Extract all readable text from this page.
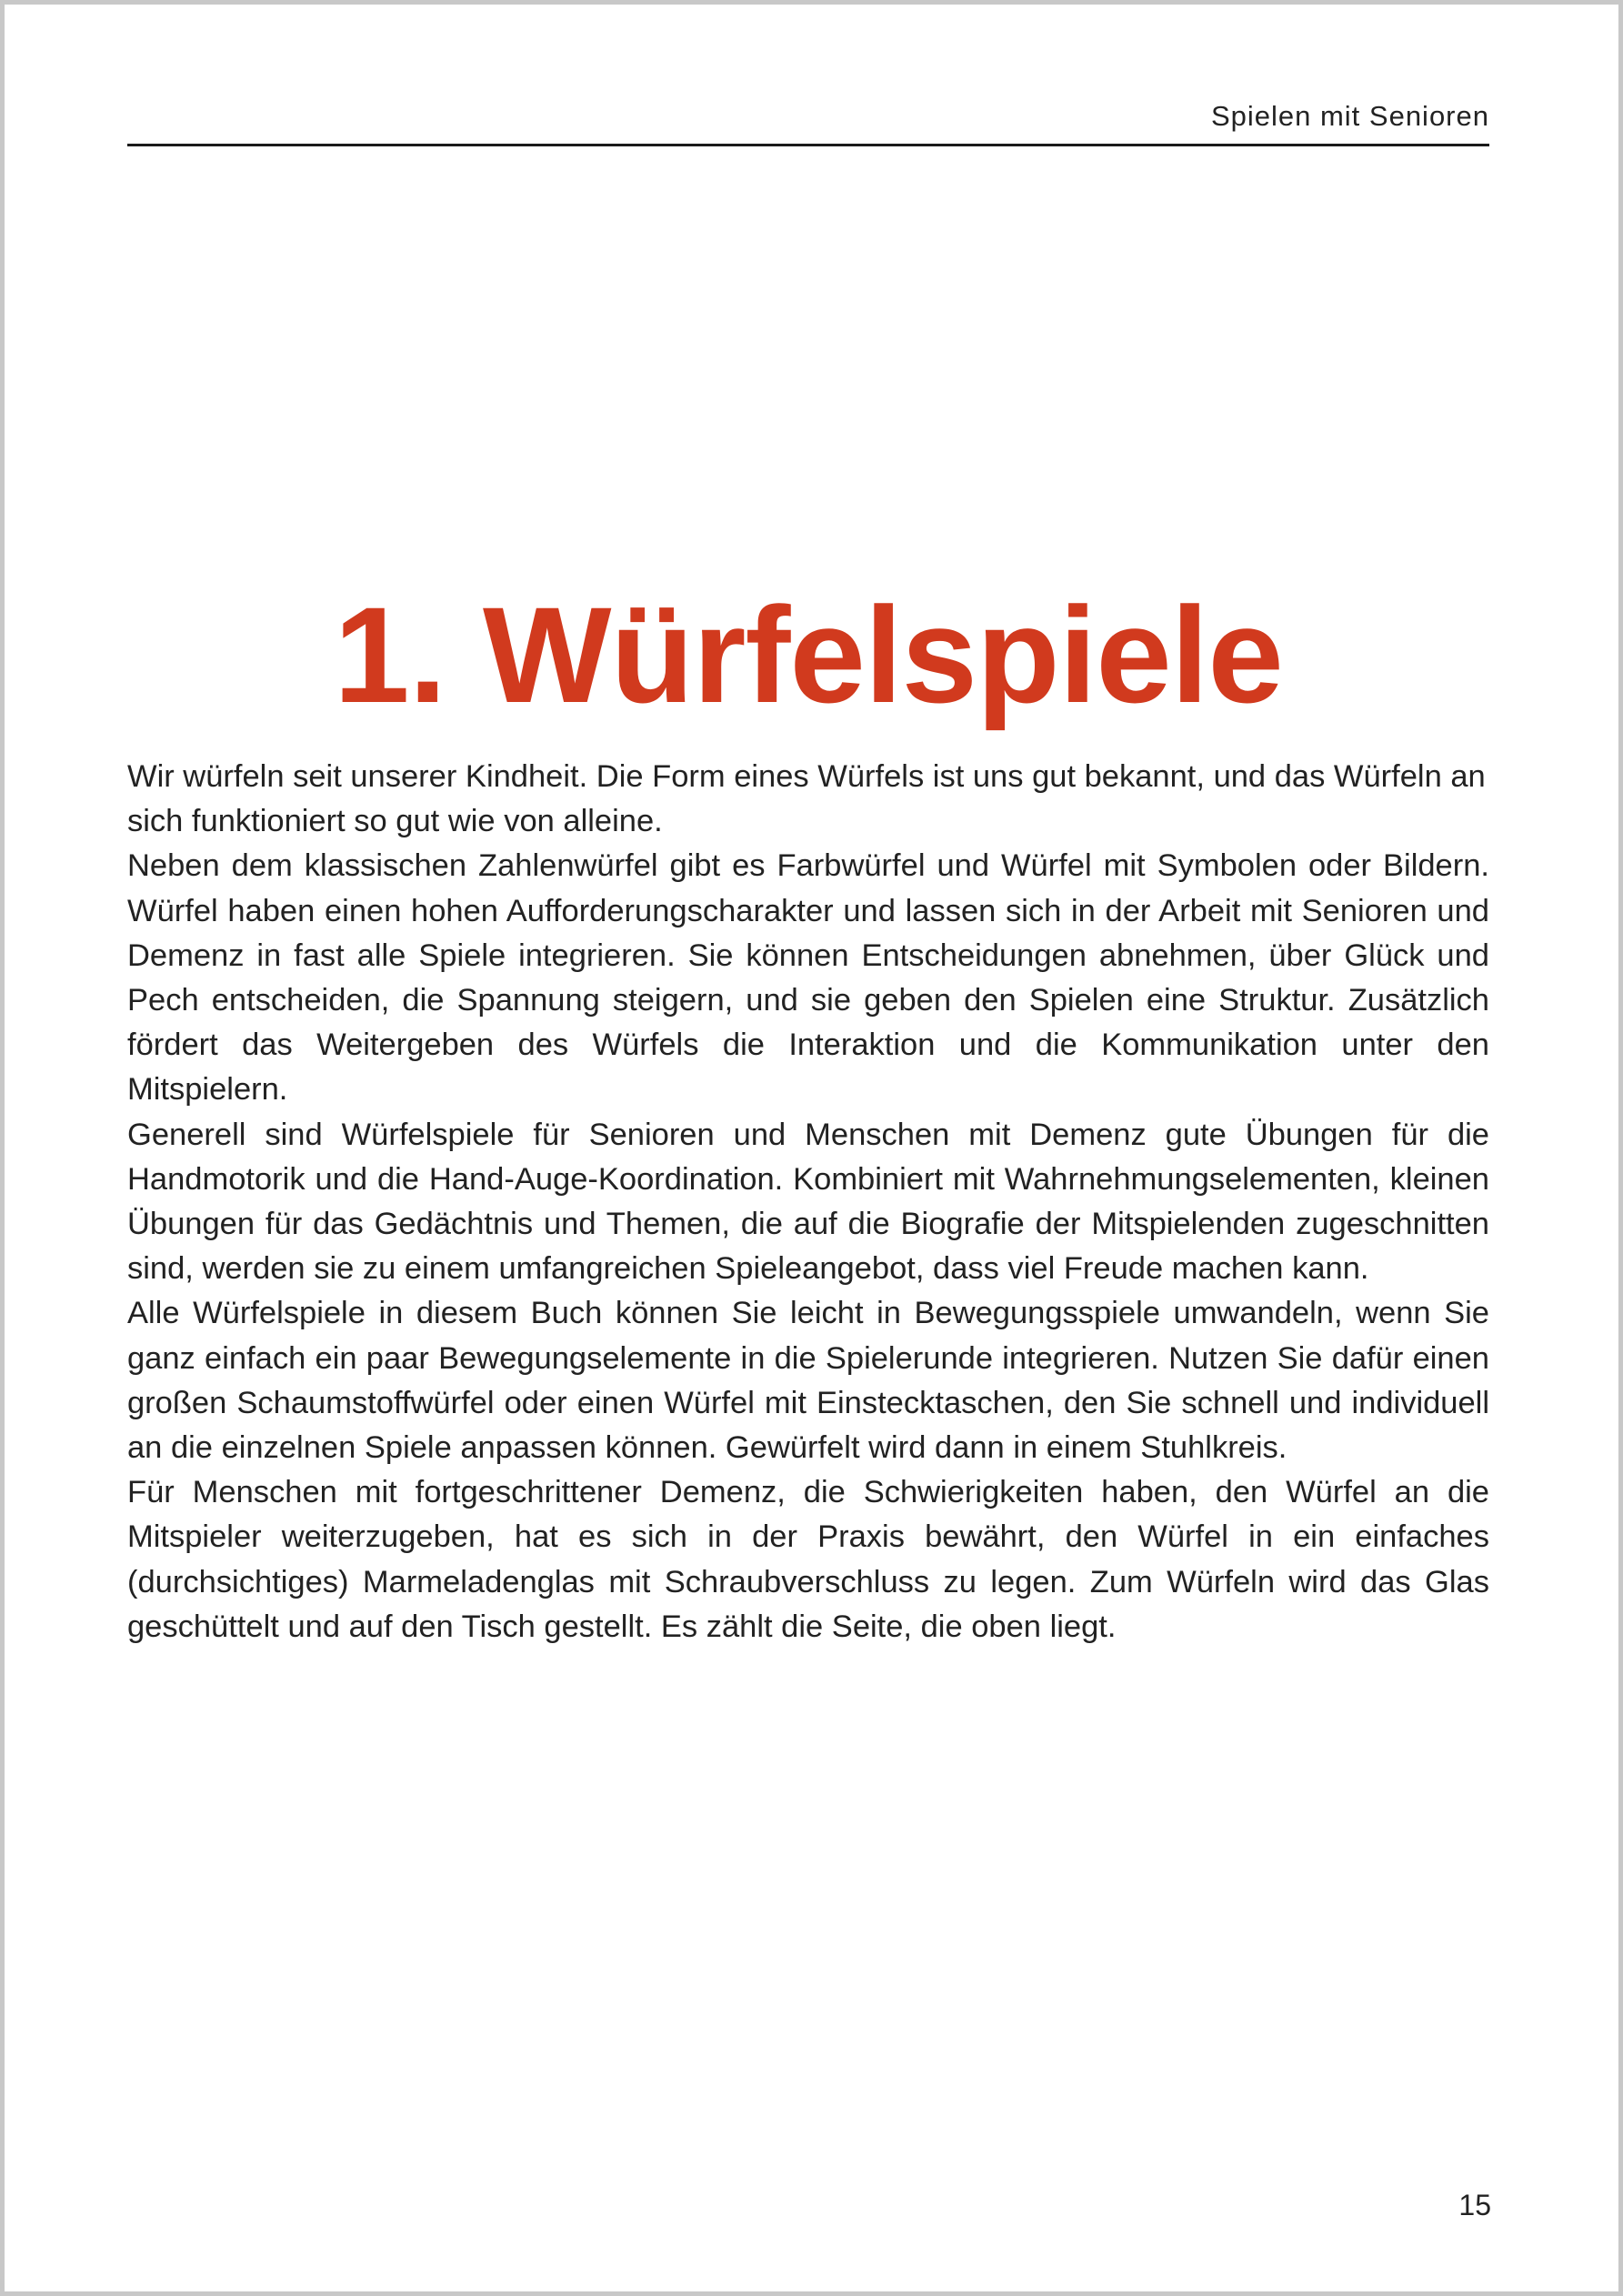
Spielen mit Senioren
1. Würfelspiele

Wir würfeln seit unserer Kindheit. Die Form eines Würfels ist uns gut bekannt, und das Würfeln an sich funktioniert so gut wie von alleine.

Neben dem klassischen Zahlenwürfel gibt es Farbwürfel und Würfel mit Symbolen oder Bildern. Würfel haben einen hohen Aufforderungscharakter und lassen sich in der Arbeit mit Senioren und Demenz in fast alle Spiele integrieren. Sie können Entscheidungen abnehmen, über Glück und Pech entscheiden, die Spannung steigern, und sie geben den Spielen eine Struktur. Zusätzlich fördert das Weitergeben des Würfels die Interaktion und die Kommunikation unter den Mitspielern.

Generell sind Würfelspiele für Senioren und Menschen mit Demenz gute Übungen für die Handmotorik und die Hand-Auge-Koordination. Kombiniert mit Wahrnehmungselementen, kleinen Übungen für das Gedächtnis und Themen, die auf die Biografie der Mitspielenden zugeschnitten sind, werden sie zu einem umfangreichen Spieleangebot, dass viel Freude machen kann.

Alle Würfelspiele in diesem Buch können Sie leicht in Bewegungsspiele umwandeln, wenn Sie ganz einfach ein paar Bewegungselemente in die Spielerunde integrieren. Nutzen Sie dafür einen großen Schaumstoffwürfel oder einen Würfel mit Einstecktaschen, den Sie schnell und individuell an die einzelnen Spiele anpassen können. Gewürfelt wird dann in einem Stuhlkreis.

Für Menschen mit fortgeschrittener Demenz, die Schwierigkeiten haben, den Würfel an die Mitspieler weiterzugeben, hat es sich in der Praxis bewährt, den Würfel in ein einfaches (durchsichtiges) Marmeladenglas mit Schraubverschluss zu legen. Zum Würfeln wird das Glas geschüttelt und auf den Tisch gestellt. Es zählt die Seite, die oben liegt.

15
